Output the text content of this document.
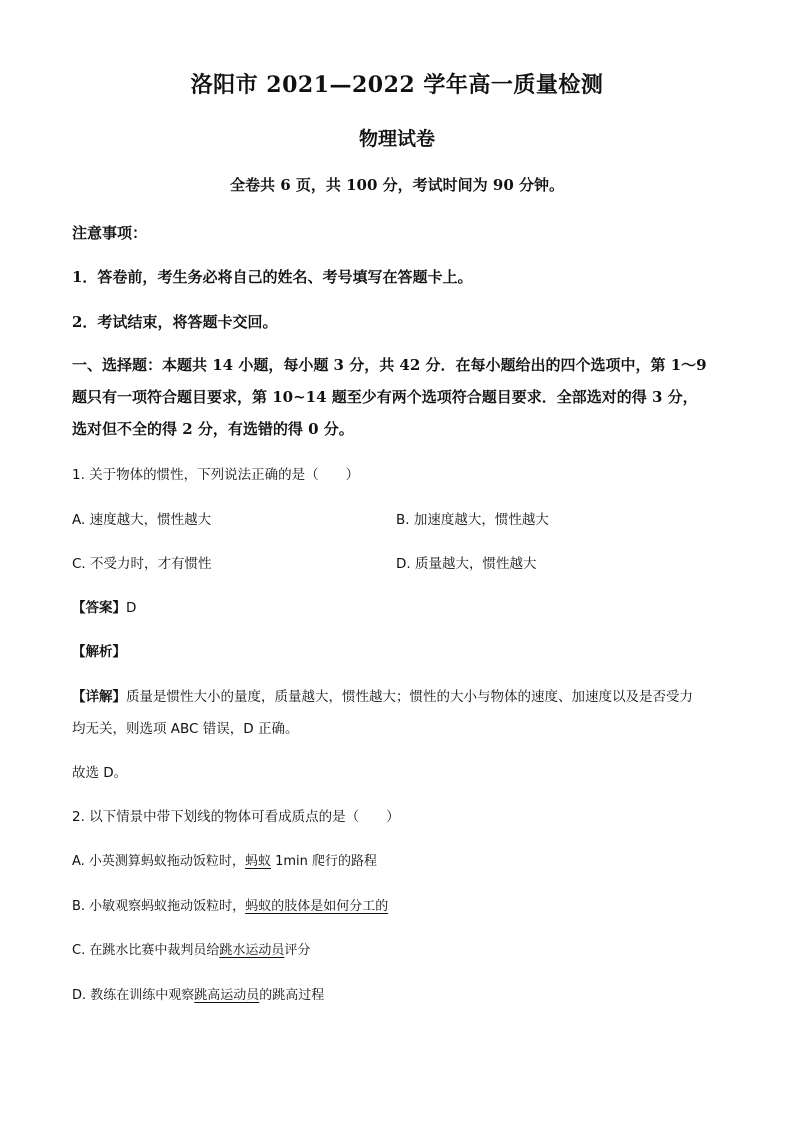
洛阳市 2021—2022 学年高一质量检测
物理试卷
全卷共 6 页，共 100 分，考试时间为 90 分钟。
注意事项：
1．答卷前，考生务必将自己的姓名、考号填写在答题卡上。
2．考试结束，将答题卡交回。
一、选择题：本题共 14 小题，每小题 3 分，共 42 分．在每小题给出的四个选项中，第 1～9
题只有一项符合题目要求，第 10~14 题至少有两个选项符合题目要求．全部选对的得 3 分，
选对但不全的得 2 分，有选错的得 0 分。
1. 关于物体的惯性，下列说法正确的是（　　）
A. 速度越大，惯性越大	B. 加速度越大，惯性越大
C. 不受力时，才有惯性	D. 质量越大，惯性越大
【答案】D
【解析】
【详解】质量是惯性大小的量度，质量越大，惯性越大；惯性的大小与物体的速度、加速度以及是否受力
均无关，则选项 ABC 错误，D 正确。
故选 D。
2. 以下情景中带下划线的物体可看成质点的是（　　）
A. 小英测算蚂蚁拖动饭粒时，蚂蚁 1min 爬行的路程
B. 小敏观察蚂蚁拖动饭粒时，蚂蚁的肢体是如何分工的
C. 在跳水比赛中裁判员给跳水运动员评分
D. 教练在训练中观察跳高运动员的跳高过程
